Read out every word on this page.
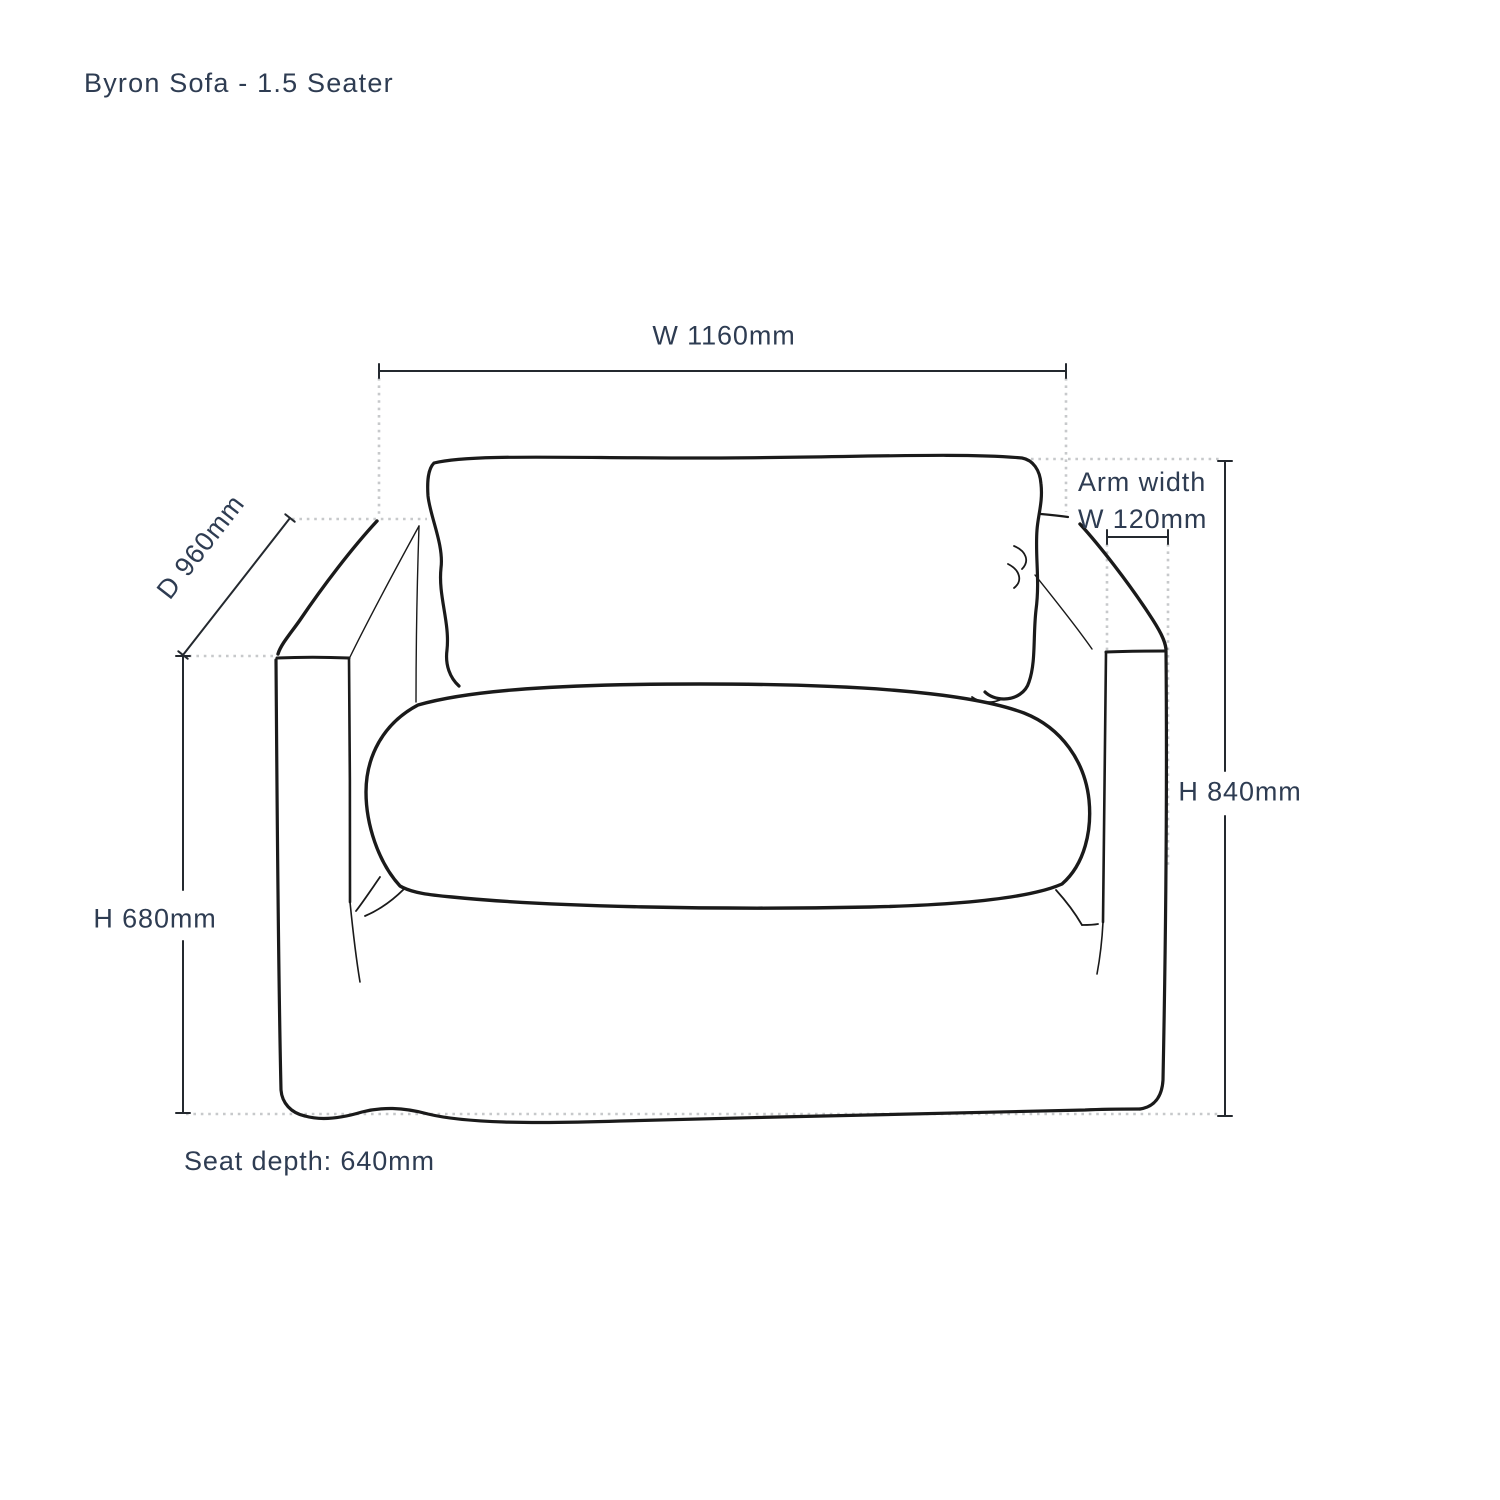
Byron Sofa - 1.5 Seater
W 1160mm
D 960mm
Arm width
W 120mm
H 840mm
H 680mm
Seat depth: 640mm
